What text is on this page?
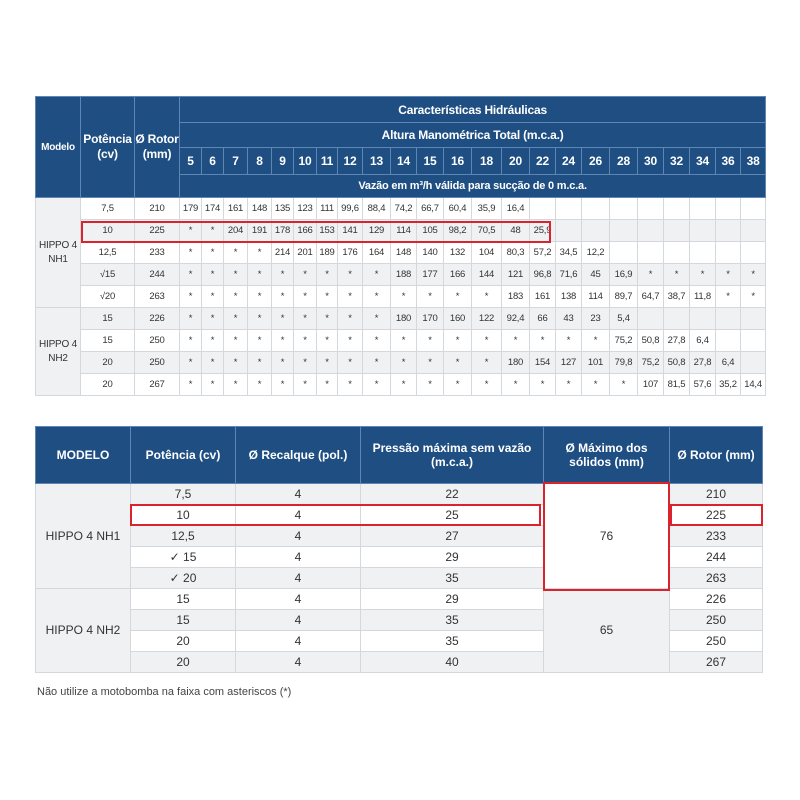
Modelo	Potência (cv)	Ø Rotor (mm)	Características Hidráulicas																						
			Altura Manométrica Total (m.c.a.)																						
			5	6	7	8	9	10	11	12	13	14	15	16	18	20	22	24	26	28	30	32	34	36	38
			Vazão em m³/h válida para sucção de 0 m.c.a.																						
HIPPO 4 NH1	7,5	210	179	174	161	148	135	123	111	99,6	88,4	74,2	66,7	60,4	35,9	16,4									
	10	225	*	*	204	191	178	166	153	141	129	114	105	98,2	70,5	48	25,9								
	12,5	233	*	*	*	*	214	201	189	176	164	148	140	132	104	80,3	57,2	34,5	12,2						
	√15	244	*	*	*	*	*	*	*	*	*	188	177	166	144	121	96,8	71,6	45	16,9	*	*	*	*	*
	√20	263	*	*	*	*	*	*	*	*	*	*	*	*	*	183	161	138	114	89,7	64,7	38,7	11,8	*	*
HIPPO 4 NH2	15	226	*	*	*	*	*	*	*	*	*	180	170	160	122	92,4	66	43	23	5,4					
	15	250	*	*	*	*	*	*	*	*	*	*	*	*	*	*	*	*	*	75,2	50,8	27,8	6,4		
	20	250	*	*	*	*	*	*	*	*	*	*	*	*	*	180	154	127	101	79,8	75,2	50,8	27,8	6,4	
	20	267	*	*	*	*	*	*	*	*	*	*	*	*	*	*	*	*	*	*	107	81,5	57,6	35,2	14,4
MODELO	Potência (cv)	Ø Recalque (pol.)	Pressão máxima sem vazão (m.c.a.)	Ø Máximo dos sólidos (mm)	Ø Rotor (mm)
HIPPO 4 NH1	7,5	4	22	76	210
	10	4	25		225
	12,5	4	27		233
	✓ 15	4	29		244
	✓ 20	4	35		263
HIPPO 4 NH2	15	4	29	65	226
	15	4	35		250
	20	4	35		250
	20	4	40		267
Não utilize a motobomba na faixa com asteriscos (*)
